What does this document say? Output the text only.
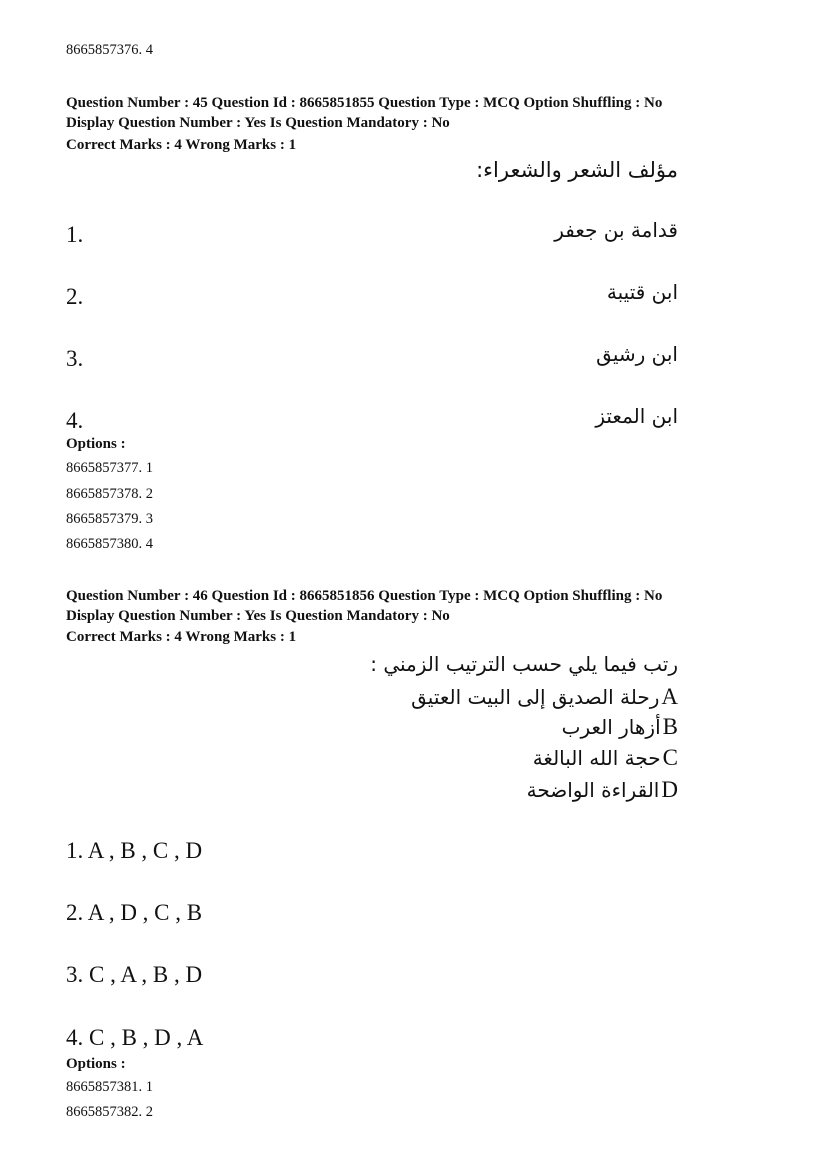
8665857376. 4
Question Number : 45 Question Id : 8665851855 Question Type : MCQ Option Shuffling : No
Display Question Number : Yes Is Question Mandatory : No
Correct Marks : 4 Wrong Marks : 1
مؤلف الشعر والشعراء:
1.	قدامة بن جعفر
2.	ابن قتيبة
3.	ابن رشيق
4.	ابن المعتز
Options :
8665857377. 1
8665857378. 2
8665857379. 3
8665857380. 4
Question Number : 46 Question Id : 8665851856 Question Type : MCQ Option Shuffling : No
Display Question Number : Yes Is Question Mandatory : No
Correct Marks : 4 Wrong Marks : 1
رتب فيما يلي حسب الترتيب الزمني :
رحلة الصديق إلى البيت العتيق A
أزهار العرب B
حجة الله البالغة C
القراءة الواضحة D
1. A , B , C , D
2. A , D , C , B
3. C , A , B , D
4. C , B , D , A
Options :
8665857381. 1
8665857382. 2
